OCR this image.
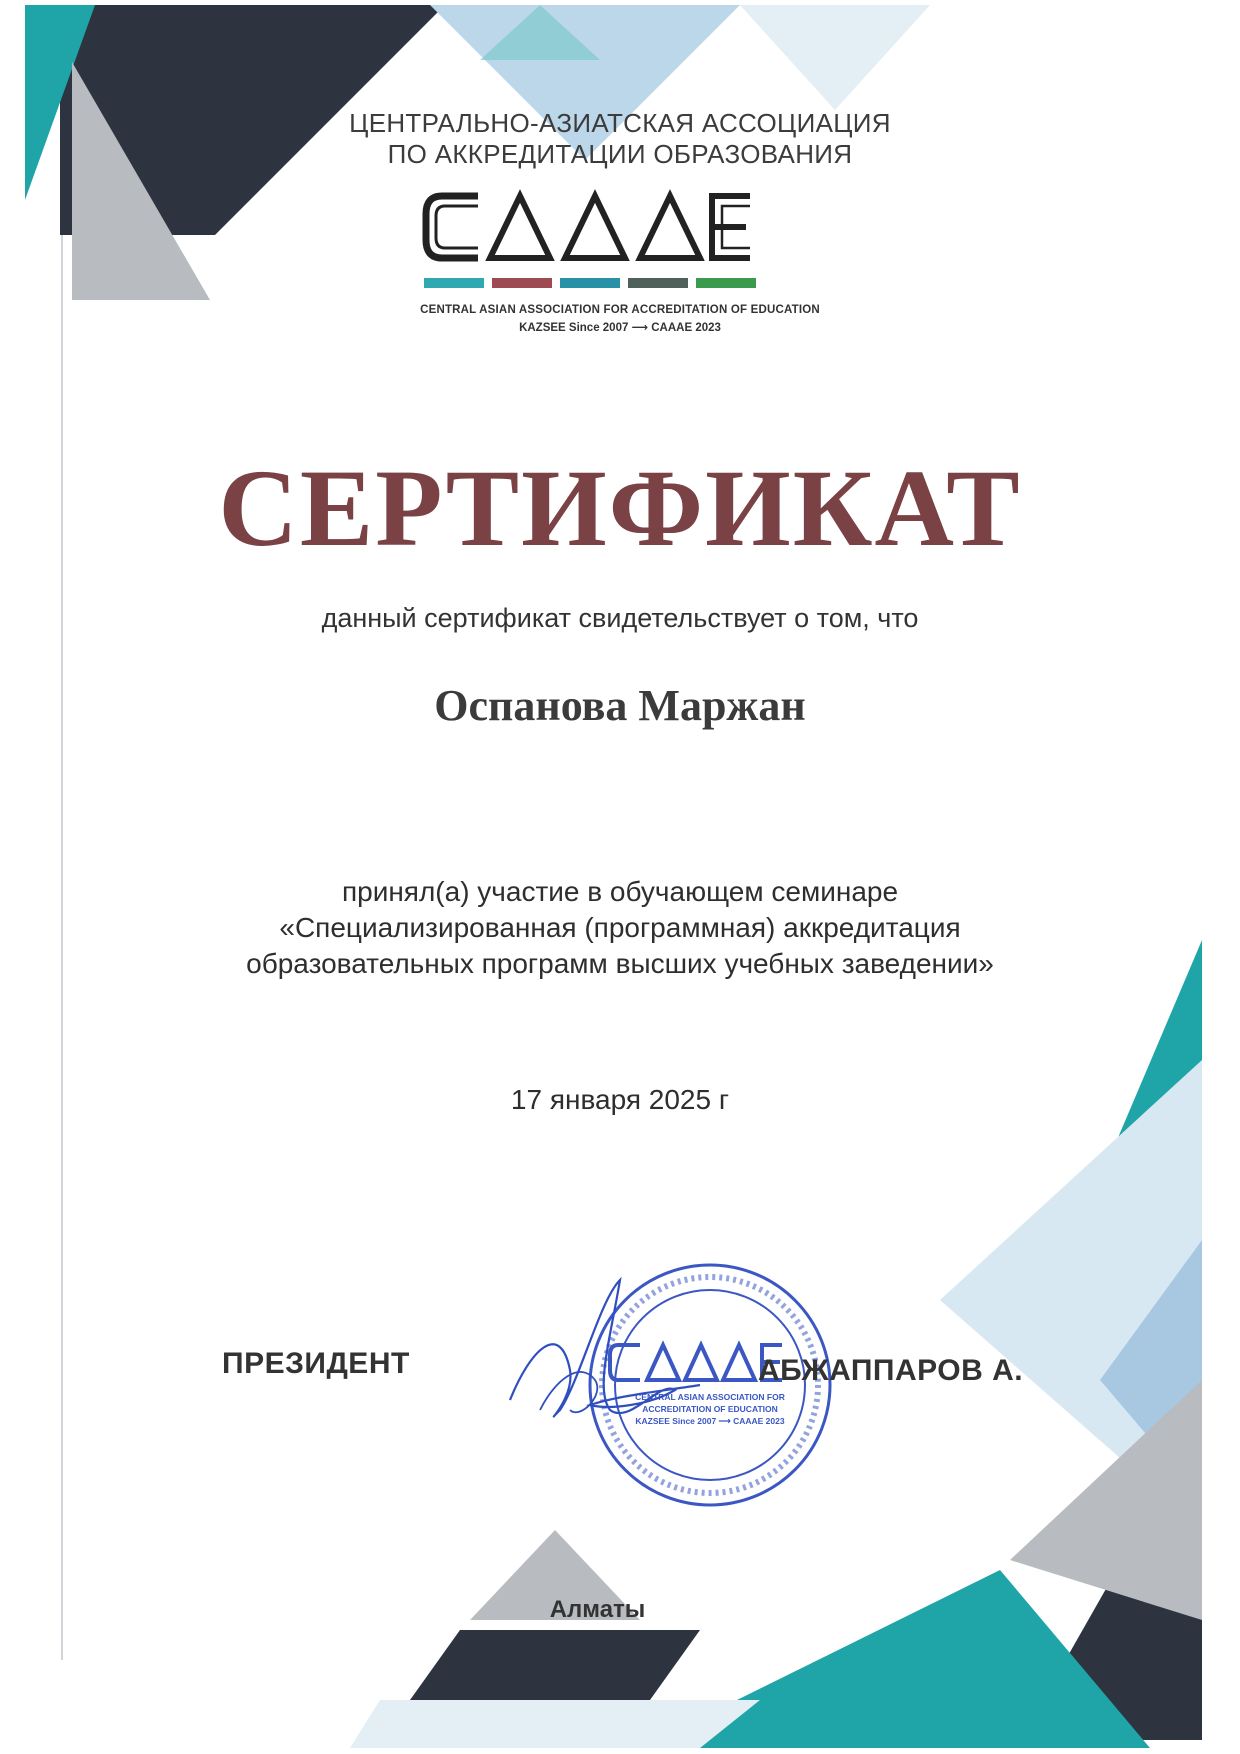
ЦЕНТРАЛЬНО-АЗИАТСКАЯ АССОЦИАЦИЯ
ПО АККРЕДИТАЦИИ ОБРАЗОВАНИЯ
CENTRAL ASIAN ASSOCIATION FOR ACCREDITATION OF EDUCATION
KAZSEE Since 2007 ⟶ CAAAE 2023
СЕРТИФИКАТ
данный сертификат свидетельствует о том, что
Оспанова Маржан
принял(а) участие в обучающем семинаре
«Специализированная (программная) аккредитация
образовательных программ высших учебных заведении»
17 января 2025 г
CENTRAL ASIAN ASSOCIATION FOR
ACCREDITATION OF EDUCATION
KAZSEE Since 2007 ⟶ CAAAE 2023
ПРЕЗИДЕНТ	АБЖАППАРОВ А.
Алматы
